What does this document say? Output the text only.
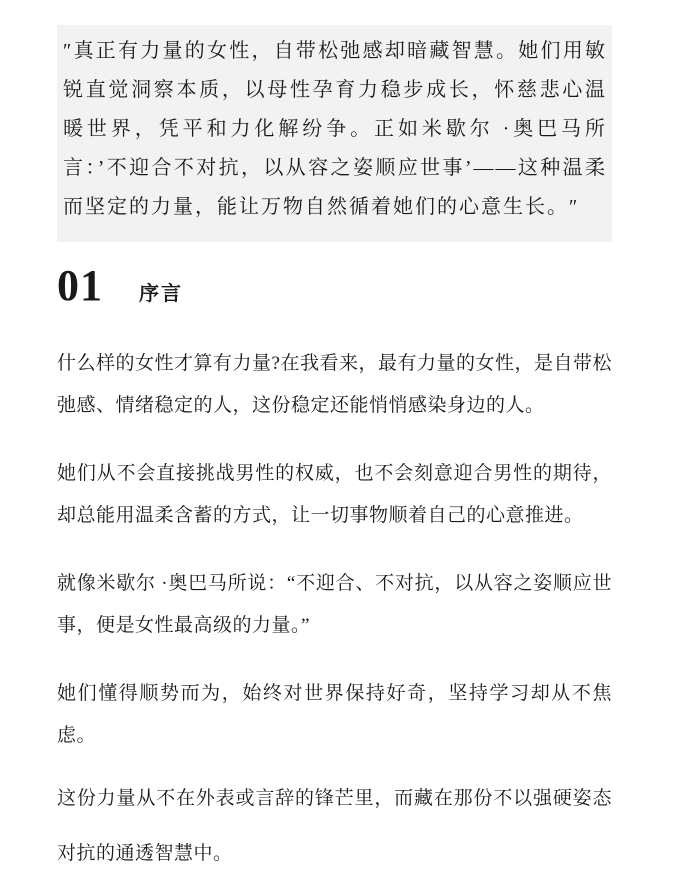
″真正有力量的女性，自带松弛感却暗藏智慧。她们用敏锐直觉洞察本质，以母性孕育力稳步成长，怀慈悲心温暖世界，凭平和力化解纷争。正如米歇尔 ·奥巴马所言：’不迎合不对抗，以从容之姿顺应世事’——这种温柔而坚定的力量，能让万物自然循着她们的心意生长。″
01 序言

什么样的女性才算有力量?在我看来，最有力量的女性，是自带松弛感、情绪稳定的人，这份稳定还能悄悄感染身边的人。

她们从不会直接挑战男性的权威，也不会刻意迎合男性的期待，却总能用温柔含蓄的方式，让一切事物顺着自己的心意推进。

就像米歇尔 ·奥巴马所说：“不迎合、不对抗，以从容之姿顺应世事，便是女性最高级的力量。”

她们懂得顺势而为，始终对世界保持好奇，坚持学习却从不焦虑。

这份力量从不在外表或言辞的锋芒里，而藏在那份不以强硬姿态对抗的通透智慧中。
